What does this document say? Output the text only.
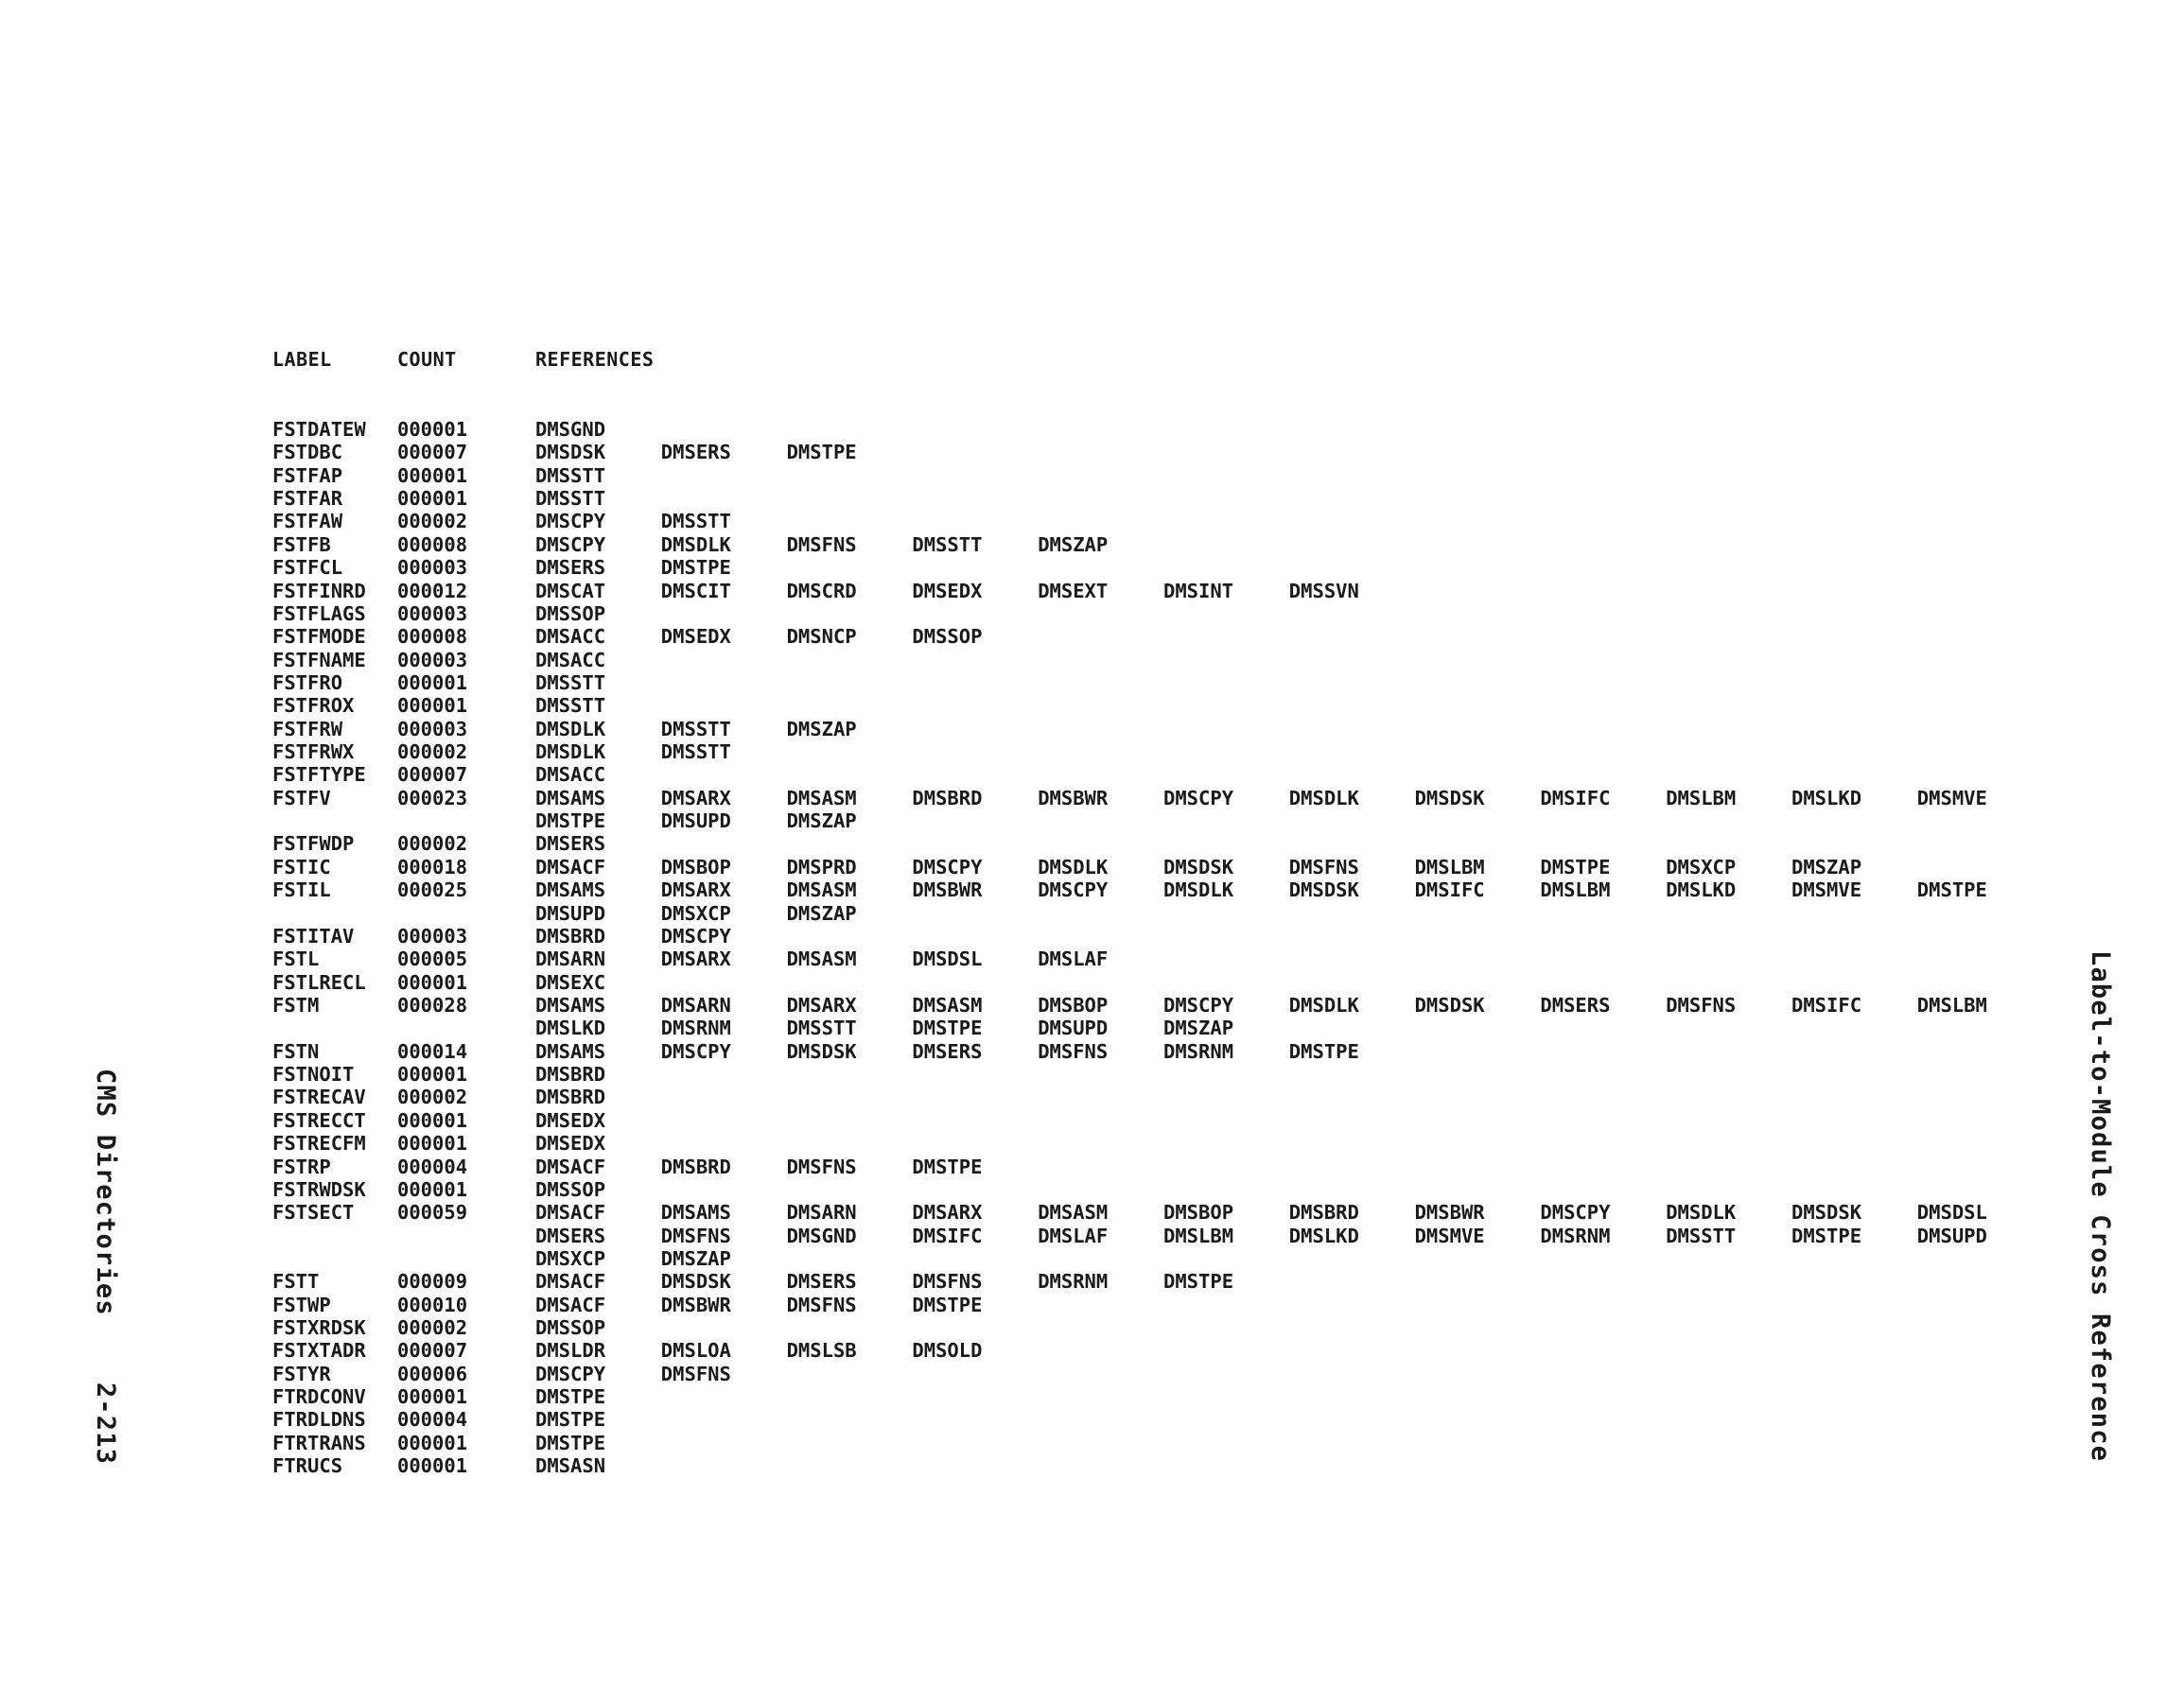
LABEL	COUNT	REFERENCES
FSTDATEW 000001	DMSGND
FSTDBC	000007	DMSDSK	DMSERS	DMSTPE
FSTFAP	000001	DMSSTT
FSTFAR	000001	DMSSTT
FSTFAW	000002	DMSCPY	DMSSTT
FSTFB	000008	DMSCPY	DMSDLK	DMSFNS	DMSSTT	DMSZAP
FSTFCL	000003	DMSERS	DMSTPE
FSTFINRD 000012	DMSCAT	DMSCIT	DMSCRD	DMSEDX	DMSEXT	DMSINT	DMSSVN
FSTFLAGS 000003	DMSSOP
FSTFMODE 000008	DMSACC	DMSEDX	DMSNCP	DMSSOP
FSTFNAME 000003	DMSACC
FSTFRO	000001	DMSSTT
FSTFROX 000001	DMSSTT
FSTFRW	000003	DMSDLK	DMSSTT	DMSZAP
FSTFRWX 000002	DMSDLK	DMSSTT
FSTFTYPE 000007	DMSACC
FSTFV	000023	DMSAMS	DMSARX	DMSASM	DMSBRD	DMSBWR	DMSCPY	DMSDLK	DMSDSK	DMSIFC	DMSLBM	DMSLKD	DMSMVE
DMSTPE	DMSUPD	DMSZAP
FSTFWDP 000002	DMSERS
FSTIC	000018	DMSACF	DMSBOP	DMSPRD	DMSCPY	DMSDLK	DMSDSK	DMSFNS	DMSLBM	DMSTPE	DMSXCP	DMSZAP
FSTIL	000025	DMSAMS	DMSARX	DMSASM	DMSBWR	DMSCPY	DMSDLK	DMSDSK	DMSIFC	DMSLBM	DMSLKD	DMSMVE	DMSTPE
DMSUPD	DMSXCP	DMSZAP
FSTITAV 000003	DMSBRD	DMSCPY
FSTL	000005	DMSARN	DMSARX	DMSASM	DMSDSL	DMSLAF
FSTLRECL 000001	DMSEXC
FSTM	000028	DMSAMS	DMSARN	DMSARX	DMSASM	DMSBOP	DMSCPY	DMSDLK	DMSDSK	DMSERS	DMSFNS	DMSIFC	DMSLBM
DMSLKD	DMSRNM	DMSSTT	DMSTPE	DMSUPD	DMSZAP
FSTN	000014	DMSAMS	DMSCPY	DMSDSK	DMSERS	DMSFNS	DMSRNM	DMSTPE
FSTNOIT 000001	DMSBRD
FSTRECAV 000002	DMSBRD
FSTRECCT 000001	DMSEDX
FSTRECFM 000001	DMSEDX
FSTRP	000004	DMSACF	DMSBRD	DMSFNS	DMSTPE
FSTRWDSK 000001	DMSSOP
FSTSECT 000059	DMSACF	DMSAMS	DMSARN	DMSARX	DMSASM	DMSBOP	DMSBRD	DMSBWR	DMSCPY	DMSDLK	DMSDSK	DMSDSL
DMSERS	DMSFNS	DMSGND	DMSIFC	DMSLAF	DMSLBM	DMSLKD	DMSMVE	DMSRNM	DMSSTT	DMSTPE	DMSUPD
DMSXCP	DMSZAP
FSTT	000009	DMSACF	DMSDSK	DMSERS	DMSFNS	DMSRNM	DMSTPE
FSTWP	000010	DMSACF	DMSBWR	DMSFNS	DMSTPE
FSTXRDSK 000002	DMSSOP
FSTXTADR 000007	DMSLDR	DMSLOA	DMSLSB	DMSOLD
FSTYR	000006	DMSCPY	DMSFNS
FTRDCONV 000001	DMSTPE
FTRDLDNS 000004	DMSTPE
FTRTRANS 000001	DMSTPE
FTRUCS	000001	DMSASN
Label-to-Module Cross Reference
CMS Directories2-213
